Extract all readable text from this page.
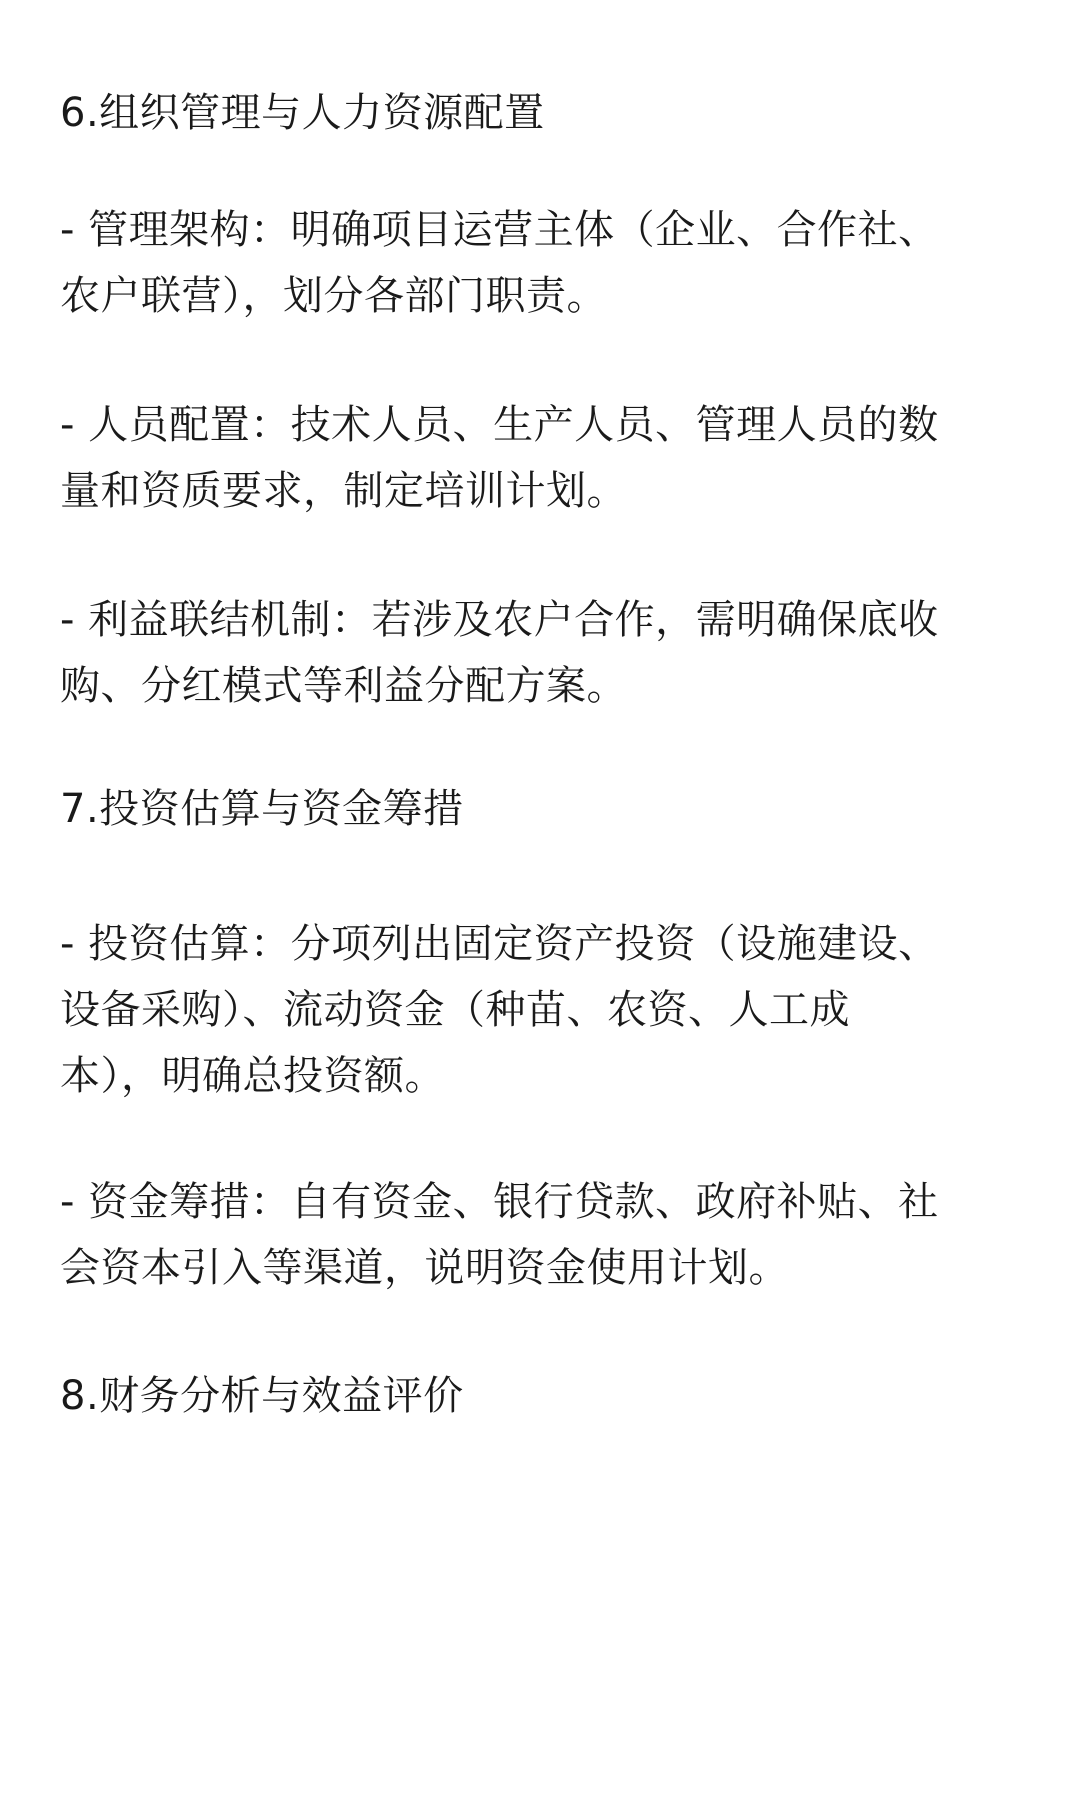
6.组织管理与人力资源配置
- 管理架构：明确项目运营主体（企业、合作社、
农户联营），划分各部门职责。
- 人员配置：技术人员、生产人员、管理人员的数
量和资质要求，制定培训计划。
- 利益联结机制：若涉及农户合作，需明确保底收
购、分红模式等利益分配方案。
7.投资估算与资金筹措
- 投资估算：分项列出固定资产投资（设施建设、
设备采购）、流动资金（种苗、农资、人工成
本），明确总投资额。
- 资金筹措：自有资金、银行贷款、政府补贴、社
会资本引入等渠道，说明资金使用计划。
8.财务分析与效益评价
